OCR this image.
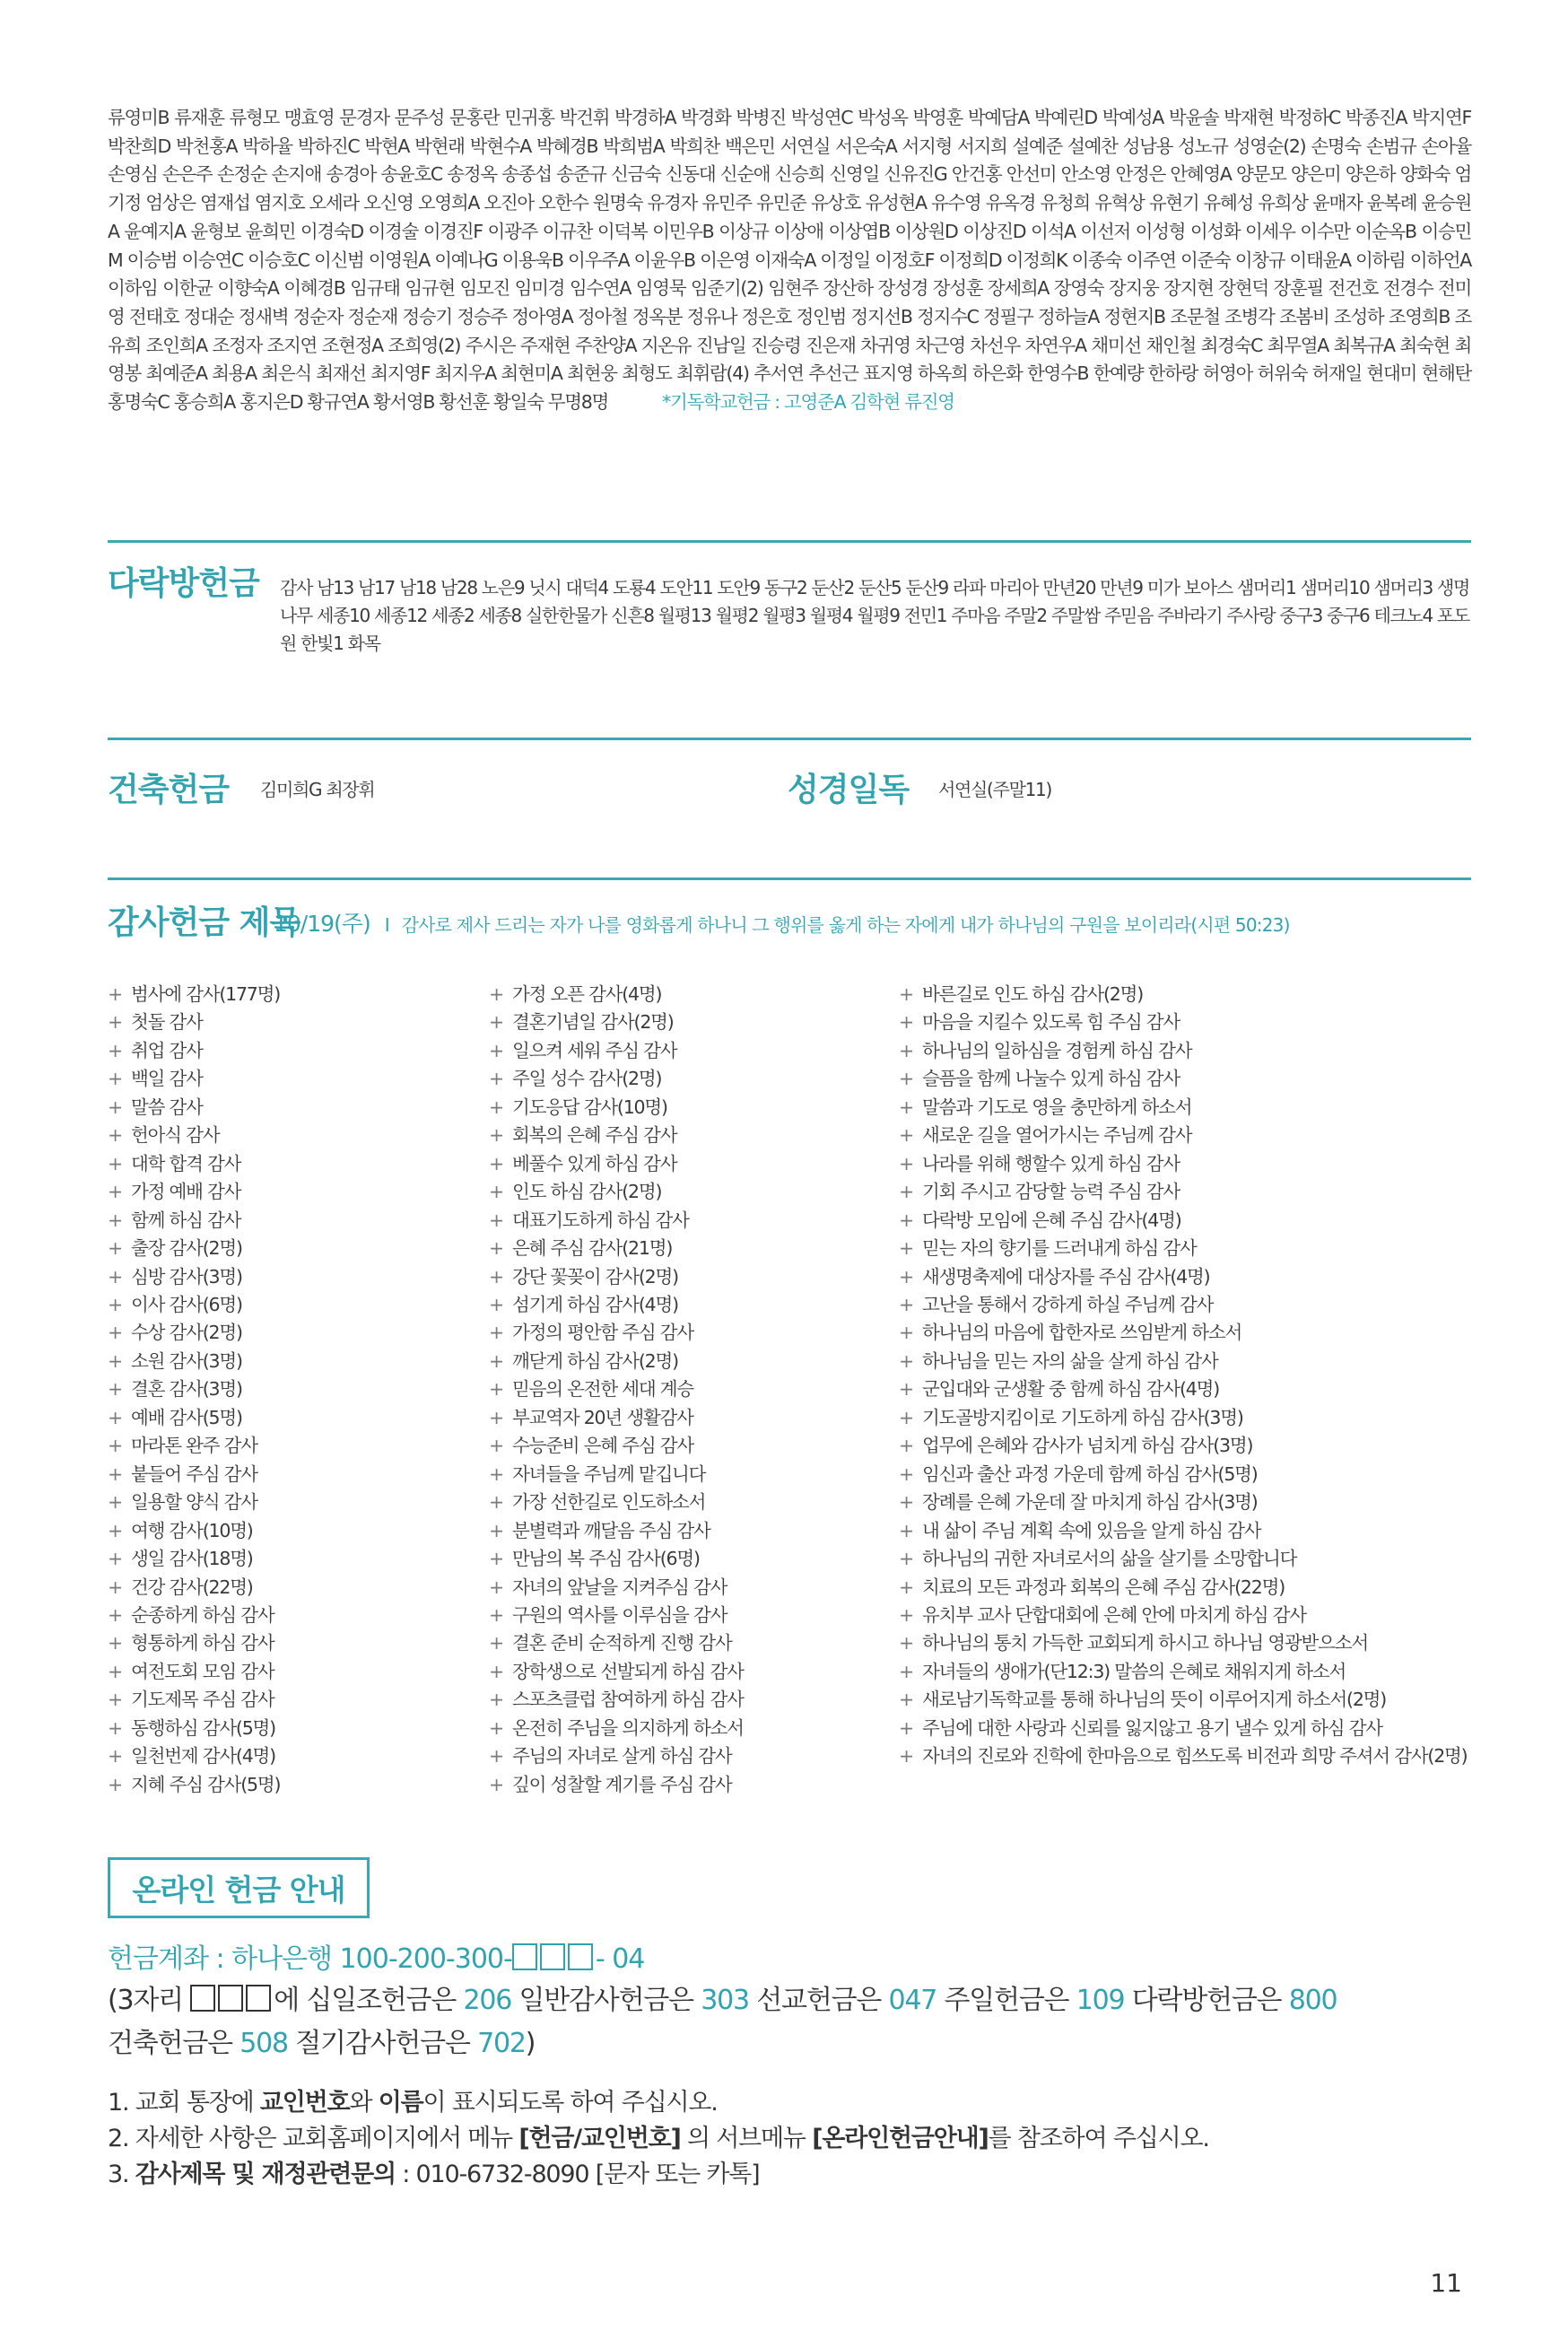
류영미B 류재훈 류형모 맹효영 문경자 문주성 문홍란 민귀홍 박건휘 박경하A 박경화 박병진 박성연C 박성옥 박영훈 박예담A 박예린D 박예성A 박윤솔 박재현 박정하C 박종진A 박지연F 박찬희D 박천홍A 박하율 박하진C 박현A 박현래 박현수A 박혜경B 박희범A 박희찬 백은민 서연실 서은숙A 서지형 서지희 설예준 설예찬 성남용 성노규 성영순(2) 손명숙 손범규 손아율 손영심 손은주 손정순 손지애 송경아 송윤호C 송정옥 송종섭 송준규 신금숙 신동대 신순애 신승희 신영일 신유진G 안건홍 안선미 안소영 안정은 안혜영A 양문모 양은미 양은하 양화숙 엄기정 엄상은 염재섭 염지호 오세라 오신영 오영희A 오진아 오한수 원명숙 유경자 유민주 유민준 유상호 유성현A 유수영 유옥경 유청희 유혁상 유현기 유혜성 유희상 윤매자 윤복례 윤승원A 윤예지A 윤형보 윤희민 이경숙D 이경술 이경진F 이광주 이규찬 이덕복 이민우B 이상규 이상애 이상엽B 이상원D 이상진D 이석A 이선저 이성형 이성화 이세우 이수만 이순옥B 이승민M 이승범 이승연C 이승호C 이신범 이영원A 이예나G 이용욱B 이우주A 이윤우B 이은영 이재숙A 이정일 이정호F 이정희D 이정희K 이종숙 이주연 이준숙 이창규 이태윤A 이하림 이하언A 이하임 이한균 이향숙A 이혜경B 임규태 임규현 임모진 임미경 임수연A 임영묵 임준기(2) 임현주 장산하 장성경 장성훈 장세희A 장영숙 장지웅 장지현 장현덕 장훈필 전건호 전경수 전미영 전태호 정대순 정새벽 정순자 정순재 정승기 정승주 정아영A 정아철 정옥분 정유나 정은호 정인범 정지선B 정지수C 정필구 정하늘A 정현지B 조문철 조병각 조봄비 조성하 조영희B 조유희 조인희A 조정자 조지연 조현정A 조희영(2) 주시은 주재현 주찬양A 지온유 진남일 진승령 진은재 차귀영 차근영 차선우 차연우A 채미선 채인철 최경숙C 최무열A 최복규A 최숙현 최영봉 최예준A 최용A 최은식 최재선 최지영F 최지우A 최현미A 최현웅 최형도 최휘람(4) 추서연 추선근 표지영 하옥희 하은화 한영수B 한예량 한하랑 허영아 허위숙 허재일 현대미 현해탄 홍명숙C 홍승희A 홍지은D 황규연A 황서영B 황선훈 황일숙 무명8명	*기독학교헌금 : 고영준A 김학현 류진영
다락방헌금 감사 남13 남17 남18 남28 노은9 닛시 대덕4 도룡4 도안11 도안9 동구2 둔산2 둔산5 둔산9 라파 마리아 만년20 만년9 미가 보아스 샘머리1 샘머리10 샘머리3 생명나무 세종10 세종12 세종2 세종8 실한한물가 신흔8 월평13 월평2 월평3 월평4 월평9 전민1 주마음 주말2 주말쌈 주믿음 주바라기 주사랑 중구3 중구6 테크노4 포도원 한빛1 화목
건축헌금 김미희G 최장휘	성경일독 서연실(주말11)
감사헌금 제목
10/19(주) I 감사로 제사 드리는 자가 나를 영화롭게 하나니 그 행위를 옳게 하는 자에게 내가 하나님의 구원을 보이리라(시편 50:23)
+ 범사에 감사(177명)
+ 첫돌 감사
+ 취업 감사
+ 백일 감사
+ 말씀 감사
+ 헌아식 감사
+ 대학 합격 감사
+ 가정 예배 감사
+ 함께 하심 감사
+ 출장 감사(2명)
+ 심방 감사(3명)
+ 이사 감사(6명)
+ 수상 감사(2명)
+ 소원 감사(3명)
+ 결혼 감사(3명)
+ 예배 감사(5명)
+ 마라톤 완주 감사
+ 붙들어 주심 감사
+ 일용할 양식 감사
+ 여행 감사(10명)
+ 생일 감사(18명)
+ 건강 감사(22명)
+ 순종하게 하심 감사
+ 형통하게 하심 감사
+ 여전도회 모임 감사
+ 기도제목 주심 감사
+ 동행하심 감사(5명)
+ 일천번제 감사(4명)
+ 지혜 주심 감사(5명)
+ 가정 오픈 감사(4명)
+ 결혼기념일 감사(2명)
+ 일으켜 세워 주심 감사
+ 주일 성수 감사(2명)
+ 기도응답 감사(10명)
+ 회복의 은혜 주심 감사
+ 베풀수 있게 하심 감사
+ 인도 하심 감사(2명)
+ 대표기도하게 하심 감사
+ 은혜 주심 감사(21명)
+ 강단 꽃꽂이 감사(2명)
+ 섬기게 하심 감사(4명)
+ 가정의 평안함 주심 감사
+ 깨닫게 하심 감사(2명)
+ 믿음의 온전한 세대 계승
+ 부교역자 20년 생활감사
+ 수능준비 은혜 주심 감사
+ 자녀들을 주님께 맡깁니다
+ 가장 선한길로 인도하소서
+ 분별력과 깨달음 주심 감사
+ 만남의 복 주심 감사(6명)
+ 자녀의 앞날을 지켜주심 감사
+ 구원의 역사를 이루심을 감사
+ 결혼 준비 순적하게 진행 감사
+ 장학생으로 선발되게 하심 감사
+ 스포츠클럽 참여하게 하심 감사
+ 온전히 주님을 의지하게 하소서
+ 주님의 자녀로 살게 하심 감사
+ 깊이 성찰할 계기를 주심 감사
+ 바른길로 인도 하심 감사(2명)
+ 마음을 지킬수 있도록 힘 주심 감사
+ 하나님의 일하심을 경험케 하심 감사
+ 슬픔을 함께 나눌수 있게 하심 감사
+ 말씀과 기도로 영을 충만하게 하소서
+ 새로운 길을 열어가시는 주님께 감사
+ 나라를 위해 행할수 있게 하심 감사
+ 기회 주시고 감당할 능력 주심 감사
+ 다락방 모임에 은혜 주심 감사(4명)
+ 믿는 자의 향기를 드러내게 하심 감사
+ 새생명축제에 대상자를 주심 감사(4명)
+ 고난을 통해서 강하게 하실 주님께 감사
+ 하나님의 마음에 합한자로 쓰임받게 하소서
+ 하나님을 믿는 자의 삶을 살게 하심 감사
+ 군입대와 군생활 중 함께 하심 감사(4명)
+ 기도골방지킴이로 기도하게 하심 감사(3명)
+ 업무에 은혜와 감사가 넘치게 하심 감사(3명)
+ 임신과 출산 과정 가운데 함께 하심 감사(5명)
+ 장례를 은혜 가운데 잘 마치게 하심 감사(3명)
+ 내 삶이 주님 계획 속에 있음을 알게 하심 감사
+ 하나님의 귀한 자녀로서의 삶을 살기를 소망합니다
+ 치료의 모든 과정과 회복의 은혜 주심 감사(22명)
+ 유치부 교사 단합대회에 은혜 안에 마치게 하심 감사
+ 하나님의 통치 가득한 교회되게 하시고 하나님 영광받으소서
+ 자녀들의 생애가(단12:3) 말씀의 은혜로 채워지게 하소서
+ 새로남기독학교를 통해 하나님의 뜻이 이루어지게 하소서(2명)
+ 주님에 대한 사랑과 신뢰를 잃지않고 용기 낼수 있게 하심 감사
+ 자녀의 진로와 진학에 한마음으로 힘쓰도록 비전과 희망 주셔서 감사(2명)
온라인 헌금 안내
헌금계좌 : 하나은행 100-200-300-	- 04
(3자리	에 십일조헌금은 206 일반감사헌금은 303 선교헌금은 047 주일헌금은 109 다락방헌금은 800
건축헌금은 508 절기감사헌금은 702)
1. 교회 통장에 교인번호와 이름이 표시되도록 하여 주십시오.
2. 자세한 사항은 교회홈페이지에서 메뉴 [헌금/교인번호] 의 서브메뉴 [온라인헌금안내]를 참조하여 주십시오.
3. 감사제목 및 재정관련문의 : 010-6732-8090 [문자 또는 카톡]
11
